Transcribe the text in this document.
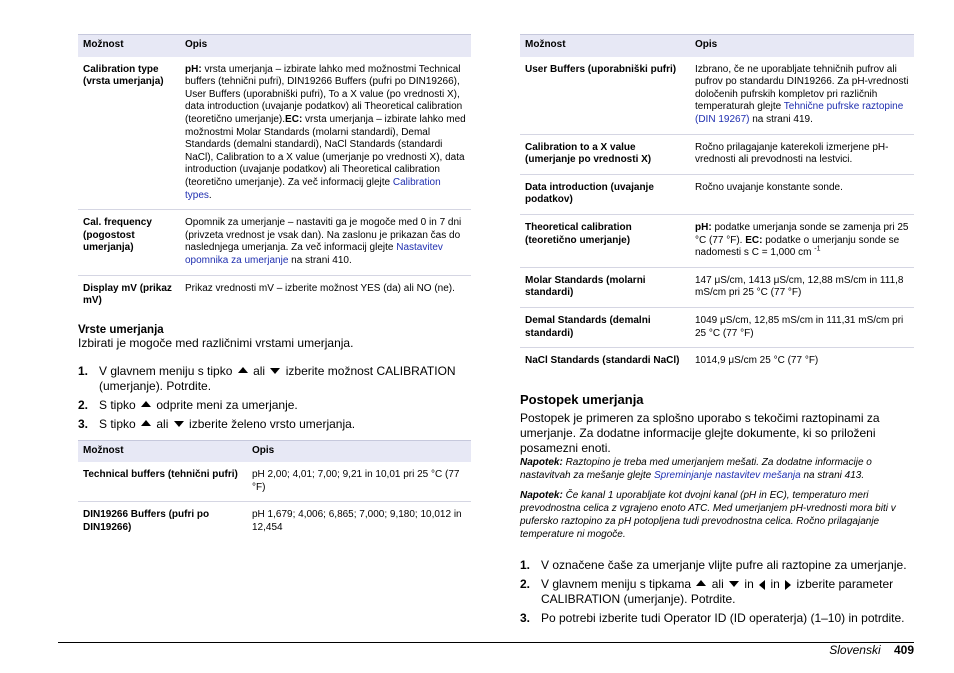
Možnost	Opis
Calibration type (vrsta umerjanja)	pH: vrsta umerjanja – izbirate lahko med možnostmi Technical buffers (tehnični pufri), DIN19266 Buffers (pufri po DIN19266), User Buffers (uporabniški pufri), To a X value (po vrednosti X), data introduction (uvajanje podatkov) ali Theoretical calibration (teoretično umerjanje).EC: vrsta umerjanja – izbirate lahko med možnostmi Molar Standards (molarni standardi), Demal Standards (demalni standardi), NaCl Standards (standardi NaCl), Calibration to a X value (umerjanje po vrednosti X), data introduction (uvajanje podatkov) ali Theoretical calibration (teoretično umerjanje). Za več informacij glejte Calibration types.
Cal. frequency (pogostost umerjanja)	Opomnik za umerjanje – nastaviti ga je mogoče med 0 in 7 dni (privzeta vrednost je vsak dan). Na zaslonu je prikazan čas do naslednjega umerjanja. Za več informacij glejte Nastavitev opomnika za umerjanje na strani 410.
Display mV (prikaz mV)	Prikaz vrednosti mV – izberite možnost YES (da) ali NO (ne).
Vrste umerjanja

Izbirati je mogoče med različnimi vrstami umerjanja.

1. V glavnem meniju s tipko  ali  izberite možnost CALIBRATION (umerjanje). Potrdite.
2. S tipko  odprite meni za umerjanje.
3. S tipko  ali  izberite želeno vrsto umerjanja.
Možnost	Opis
Technical buffers (tehnični pufri)	pH 2,00; 4,01; 7,00; 9,21 in 10,01 pri 25 °C (77 °F)
DIN19266 Buffers (pufri po DIN19266)	pH 1,679; 4,006; 6,865; 7,000; 9,180; 10,012 in 12,454
Možnost	Opis
User Buffers (uporabniški pufri)	Izbrano, če ne uporabljate tehničnih pufrov ali pufrov po standardu DIN19266. Za pH-vrednosti določenih pufrskih kompletov pri različnih temperaturah glejte Tehnične pufrske raztopine (DIN 19267) na strani 419.
Calibration to a X value (umerjanje po vrednosti X)	Ročno prilagajanje katerekoli izmerjene pH-vrednosti ali prevodnosti na lestvici.
Data introduction (uvajanje podatkov)	Ročno uvajanje konstante sonde.
Theoretical calibration (teoretično umerjanje)	pH: podatke umerjanja sonde se zamenja pri 25 °C (77 °F). EC: podatke o umerjanju sonde se nadomesti s C = 1,000 cm $^{-1}$
Molar Standards (molarni standardi)	147 μS/cm, 1413 μS/cm, 12,88 mS/cm in 111,8 mS/cm pri 25 °C (77 °F)
Demal Standards (demalni standardi)	1049 μS/cm, 12,85 mS/cm in 111,31 mS/cm pri 25 °C (77 °F)
NaCl Standards (standardi NaCl)	1014,9 μS/cm 25 °C (77 °F)
Postopek umerjanja

Postopek je primeren za splošno uporabo s tekočimi raztopinami za umerjanje. Za dodatne informacije glejte dokumente, ki so priloženi posamezni enoti.

Napotek: Raztopino je treba med umerjanjem mešati. Za dodatne informacije o nastavitvah za mešanje glejte Spreminjanje nastavitev mešanja na strani 413.

Napotek: Če kanal 1 uporabljate kot dvojni kanal (pH in EC), temperaturo meri prevodnostna celica z vgrajeno enoto ATC. Med umerjanjem pH-vrednosti mora biti v pufersko raztopino za pH potopljena tudi prevodnostna celica. Ročno prilagajanje temperature ni mogoče.

1. V označene čaše za umerjanje vlijte pufre ali raztopine za umerjanje.
2. V glavnem meniju s tipkama  ali  in  in  izberite parameter CALIBRATION (umerjanje). Potrdite.
3. Po potrebi izberite tudi Operator ID (ID operaterja) (1–10) in potrdite.
Slovenski 409
